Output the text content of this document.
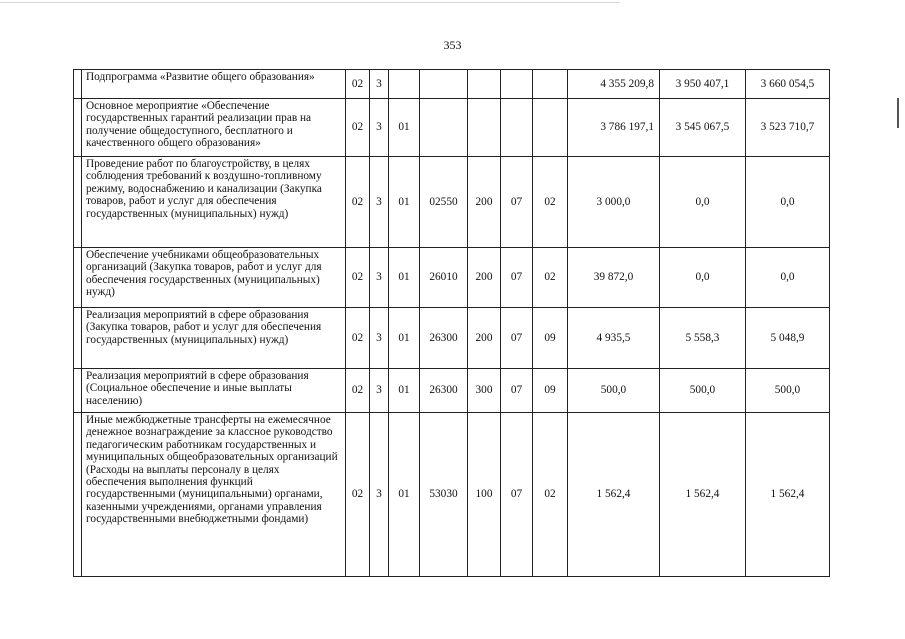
353
	Подпрограмма «Развитие общего образования»	02	3						4 355 209,8	3 950 407,1	3 660 054,5
	Основное мероприятие «Обеспечение государственных гарантий реализации прав на получение общедоступного, бесплатного и качественного общего образования»	02	3	01					3 786 197,1	3 545 067,5	3 523 710,7
	Проведение работ по благоустройству, в целях соблюдения требований к воздушно-топливному режиму, водоснабжению и канализации (Закупка товаров, работ и услуг для обеспечения государственных (муниципальных) нужд)	02	3	01	02550	200	07	02	3 000,0	0,0	0,0
	Обеспечение учебниками общеобразовательных организаций (Закупка товаров, работ и услуг для обеспечения государственных (муниципальных) нужд)	02	3	01	26010	200	07	02	39 872,0	0,0	0,0
	Реализация мероприятий в сфере образования (Закупка товаров, работ и услуг для обеспечения государственных (муниципальных) нужд)	02	3	01	26300	200	07	09	4 935,5	5 558,3	5 048,9
	Реализация мероприятий в сфере образования (Социальное обеспечение и иные выплаты населению)	02	3	01	26300	300	07	09	500,0	500,0	500,0
	Иные межбюджетные трансферты на ежемесячное денежное вознаграждение за классное руководство педагогическим работникам государственных и муниципальных общеобразовательных организаций (Расходы на выплаты персоналу в целях обеспечения выполнения функций государственными (муниципальными) органами, казенными учреждениями, органами управления государственными внебюджетными фондами)	02	3	01	53030	100	07	02	1 562,4	1 562,4	1 562,4
